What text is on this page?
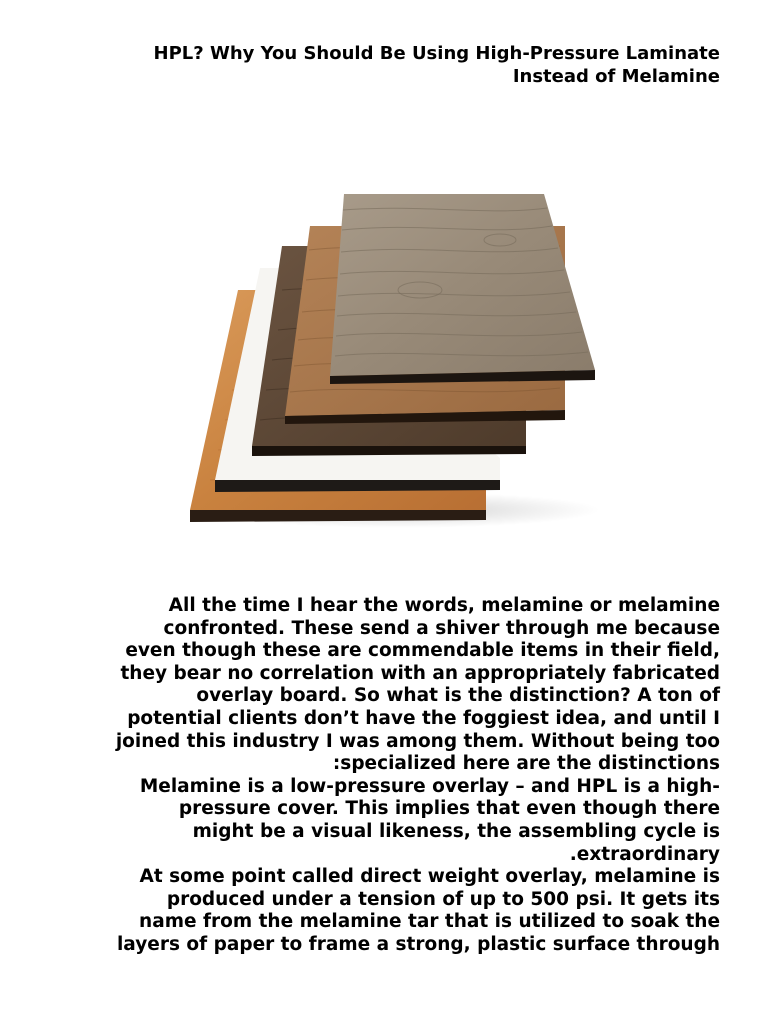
HPL? Why You Should Be Using High-Pressure Laminate
Instead of Melamine
All the time I hear the words, melamine or melamine
confronted. These send a shiver through me because
even though these are commendable items in their field,
they bear no correlation with an appropriately fabricated
overlay board. So what is the distinction? A ton of
potential clients don’t have the foggiest idea, and until I
joined this industry I was among them. Without being too
:specialized here are the distinctions
Melamine is a low-pressure overlay – and HPL is a high-
pressure cover. This implies that even though there
might be a visual likeness, the assembling cycle is
.extraordinary
At some point called direct weight overlay, melamine is
produced under a tension of up to 500 psi. It gets its
name from the melamine tar that is utilized to soak the
layers of paper to frame a strong, plastic surface through
